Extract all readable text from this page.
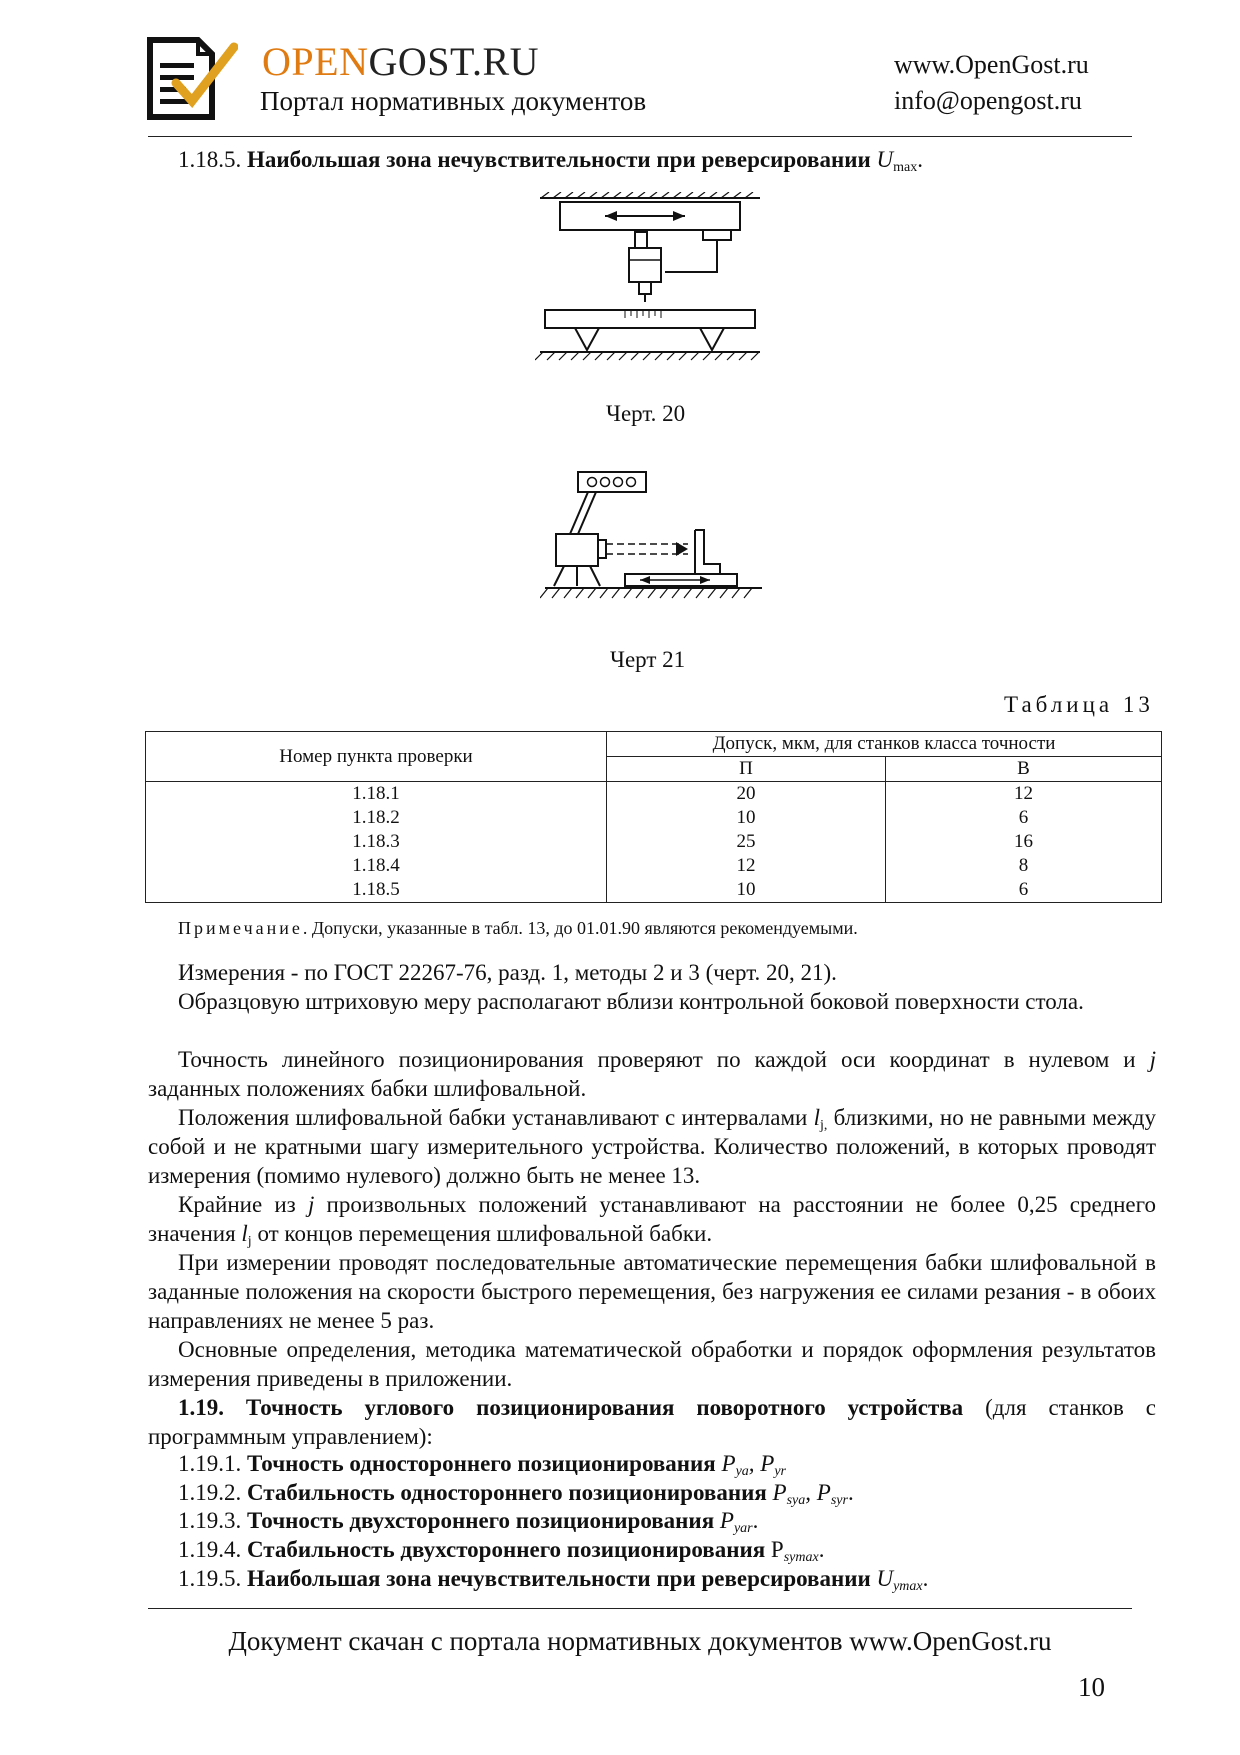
OPENGOST.RU
Портал нормативных документов
www.OpenGost.ru
info@opengost.ru
1.18.5. Наибольшая зона нечувствительности при реверсировании $U_{max}$.
Черт. 20
Черт 21
Таблица 13
Номер пункта проверки	Допуск, мкм, для станков класса точности	
	П	В
1.18.1	20	12
1.18.2	10	6
1.18.3	25	16
1.18.4	12	8
1.18.5	10	6
Примечание. Допуски, указанные в табл. 13, до 01.01.90 являются рекомендуемыми.
Измерения - по ГОСТ 22267-76, разд. 1, методы 2 и 3 (черт. 20, 21).
Образцовую штриховую меру располагают вблизи контрольной боковой поверхности стола.
Точность линейного позиционирования проверяют по каждой оси координат в нулевом и j заданных положениях бабки шлифовальной.
Положения шлифовальной бабки устанавливают с интервалами $l_{j,}$ близкими, но не равными между собой и не кратными шагу измерительного устройства. Количество положений, в которых проводят измерения (помимо нулевого) должно быть не менее 13.
Крайние из j произвольных положений устанавливают на расстоянии не более 0,25 среднего значения $l_j$ от концов перемещения шлифовальной бабки.
При измерении проводят последовательные автоматические перемещения бабки шлифовальной в заданные положения на скорости быстрого перемещения, без нагружения ее силами резания - в обоих направлениях не менее 5 раз.
Основные определения, методика математической обработки и порядок оформления результатов измерения приведены в приложении.
1.19. Точность углового позиционирования поворотного устройства (для станков с программным управлением):
1.19.1. Точность одностороннего позиционирования $P_{ya}$, $P_{yr}$
1.19.2. Стабильность одностороннего позиционирования $P_{sya}$, $P_{syr}$.
1.19.3. Точность двухстороннего позиционирования $P_{yar}$.
1.19.4. Стабильность двухстороннего позиционирования $P_{symax}$.
1.19.5. Наибольшая зона нечувствительности при реверсировании $U_{ymax}$.
Документ скачан с портала нормативных документов www.OpenGost.ru
10
